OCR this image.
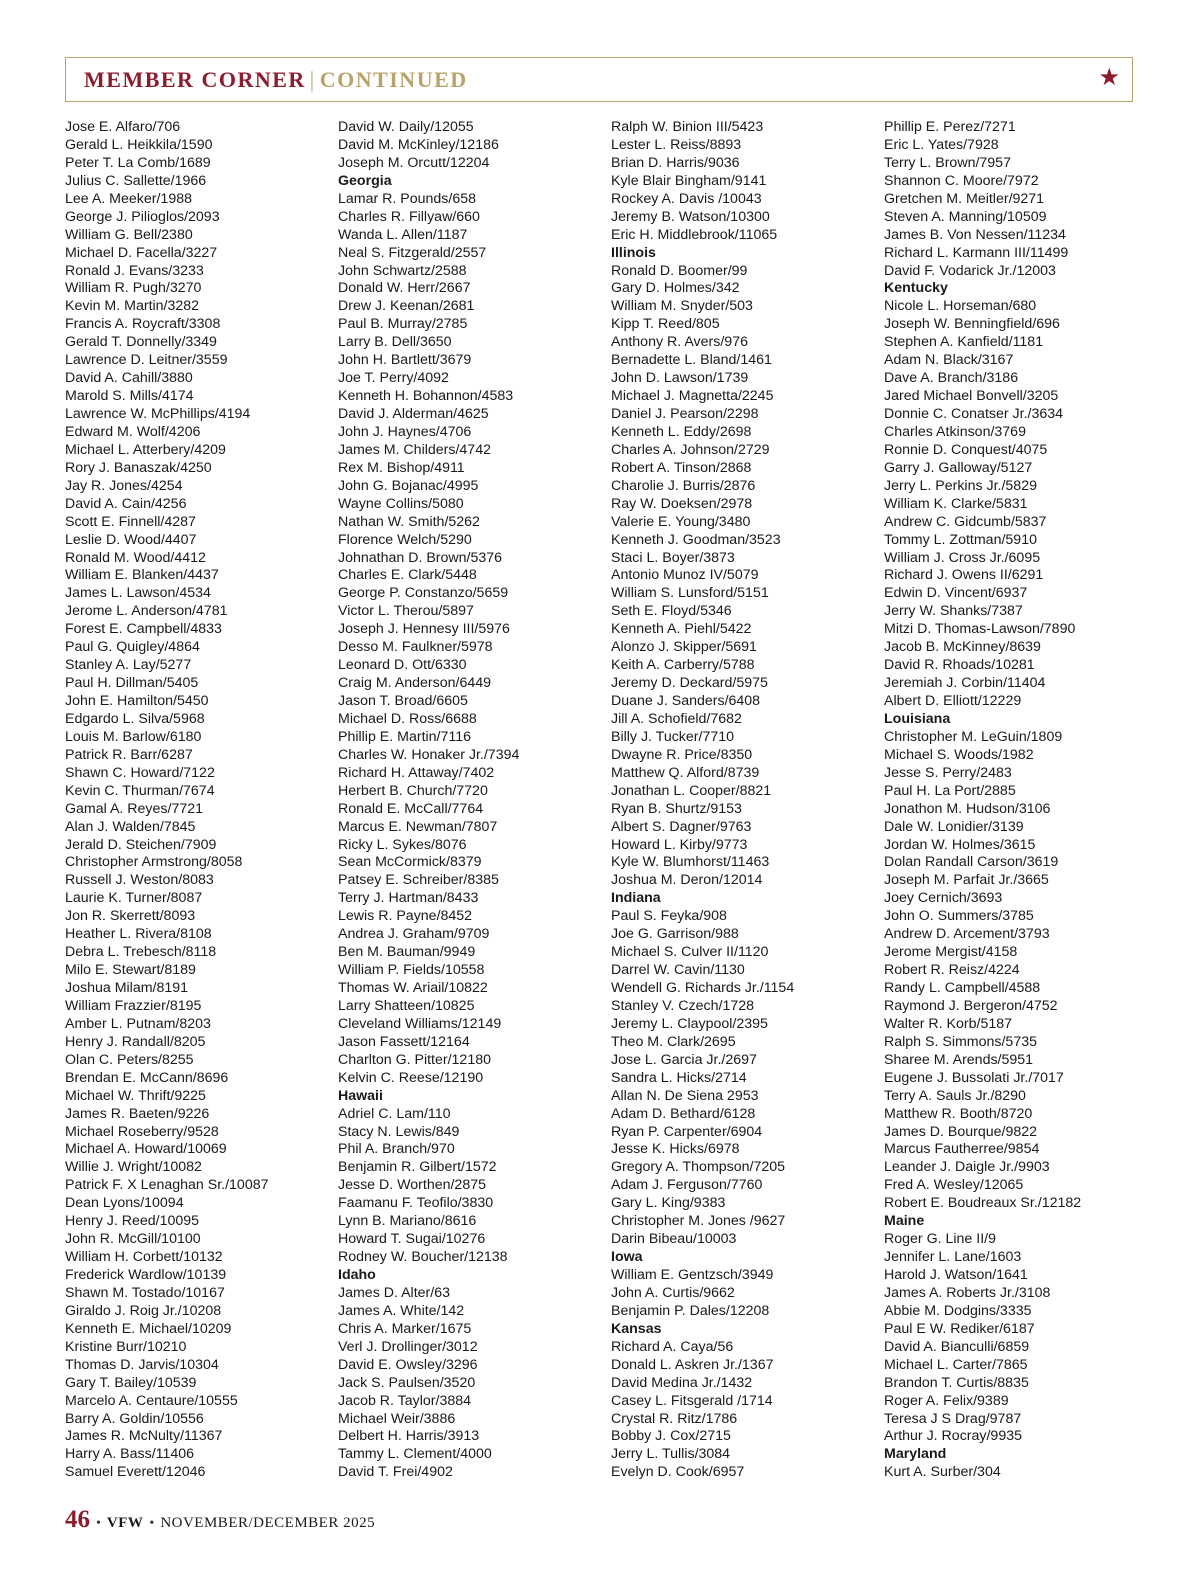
MEMBER CORNER | CONTINUED	★
Jose E. Alfaro/706
Gerald L. Heikkila/1590
Peter T. La Comb/1689
Julius C. Sallette/1966
Lee A. Meeker/1988
George J. Pilioglos/2093
William G. Bell/2380
Michael D. Facella/3227
Ronald J. Evans/3233
William R. Pugh/3270
Kevin M. Martin/3282
Francis A. Roycraft/3308
Gerald T. Donnelly/3349
Lawrence D. Leitner/3559
David A. Cahill/3880
Marold S. Mills/4174
Lawrence W. McPhillips/4194
Edward M. Wolf/4206
Michael L. Atterbery/4209
Rory J. Banaszak/4250
Jay R. Jones/4254
David A. Cain/4256
Scott E. Finnell/4287
Leslie D. Wood/4407
Ronald M. Wood/4412
William E. Blanken/4437
James L. Lawson/4534
Jerome L. Anderson/4781
Forest E. Campbell/4833
Paul G. Quigley/4864
Stanley A. Lay/5277
Paul H. Dillman/5405
John E. Hamilton/5450
Edgardo L. Silva/5968
Louis M. Barlow/6180
Patrick R. Barr/6287
Shawn C. Howard/7122
Kevin C. Thurman/7674
Gamal A. Reyes/7721
Alan J. Walden/7845
Jerald D. Steichen/7909
Christopher Armstrong/8058
Russell J. Weston/8083
Laurie K. Turner/8087
Jon R. Skerrett/8093
Heather L. Rivera/8108
Debra L. Trebesch/8118
Milo E. Stewart/8189
Joshua Milam/8191
William Frazzier/8195
Amber L. Putnam/8203
Henry J. Randall/8205
Olan C. Peters/8255
Brendan E. McCann/8696
Michael W. Thrift/9225
James R. Baeten/9226
Michael Roseberry/9528
Michael A. Howard/10069
Willie J. Wright/10082
Patrick F. X Lenaghan Sr./10087
Dean Lyons/10094
Henry J. Reed/10095
John R. McGill/10100
William H. Corbett/10132
Frederick Wardlow/10139
Shawn M. Tostado/10167
Giraldo J. Roig Jr./10208
Kenneth E. Michael/10209
Kristine Burr/10210
Thomas D. Jarvis/10304
Gary T. Bailey/10539
Marcelo A. Centaure/10555
Barry A. Goldin/10556
James R. McNulty/11367
Harry A. Bass/11406
Samuel Everett/12046
David W. Daily/12055
David M. McKinley/12186
Joseph M. Orcutt/12204
Georgia
Lamar R. Pounds/658
Charles R. Fillyaw/660
Wanda L. Allen/1187
Neal S. Fitzgerald/2557
John Schwartz/2588
Donald W. Herr/2667
Drew J. Keenan/2681
Paul B. Murray/2785
Larry B. Dell/3650
John H. Bartlett/3679
Joe T. Perry/4092
Kenneth H. Bohannon/4583
David J. Alderman/4625
John J. Haynes/4706
James M. Childers/4742
Rex M. Bishop/4911
John G. Bojanac/4995
Wayne Collins/5080
Nathan W. Smith/5262
Florence Welch/5290
Johnathan D. Brown/5376
Charles E. Clark/5448
George P. Constanzo/5659
Victor L. Therou/5897
Joseph J. Hennesy III/5976
Desso M. Faulkner/5978
Leonard D. Ott/6330
Craig M. Anderson/6449
Jason T. Broad/6605
Michael D. Ross/6688
Phillip E. Martin/7116
Charles W. Honaker Jr./7394
Richard H. Attaway/7402
Herbert B. Church/7720
Ronald E. McCall/7764
Marcus E. Newman/7807
Ricky L. Sykes/8076
Sean McCormick/8379
Patsey E. Schreiber/8385
Terry J. Hartman/8433
Lewis R. Payne/8452
Andrea J. Graham/9709
Ben M. Bauman/9949
William P. Fields/10558
Thomas W. Ariail/10822
Larry Shatteen/10825
Cleveland Williams/12149
Jason Fassett/12164
Charlton G. Pitter/12180
Kelvin C. Reese/12190
Hawaii
Adriel C. Lam/110
Stacy N. Lewis/849
Phil A. Branch/970
Benjamin R. Gilbert/1572
Jesse D. Worthen/2875
Faamanu F. Teofilo/3830
Lynn B. Mariano/8616
Howard T. Sugai/10276
Rodney W. Boucher/12138
Idaho
James D. Alter/63
James A. White/142
Chris A. Marker/1675
Verl J. Drollinger/3012
David E. Owsley/3296
Jack S. Paulsen/3520
Jacob R. Taylor/3884
Michael Weir/3886
Delbert H. Harris/3913
Tammy L. Clement/4000
David T. Frei/4902
Ralph W. Binion III/5423
Lester L. Reiss/8893
Brian D. Harris/9036
Kyle Blair Bingham/9141
Rockey A. Davis /10043
Jeremy B. Watson/10300
Eric H. Middlebrook/11065
Illinois
Ronald D. Boomer/99
Gary D. Holmes/342
William M. Snyder/503
Kipp T. Reed/805
Anthony R. Avers/976
Bernadette L. Bland/1461
John D. Lawson/1739
Michael J. Magnetta/2245
Daniel J. Pearson/2298
Kenneth L. Eddy/2698
Charles A. Johnson/2729
Robert A. Tinson/2868
Charolie J. Burris/2876
Ray W. Doeksen/2978
Valerie E. Young/3480
Kenneth J. Goodman/3523
Staci L. Boyer/3873
Antonio Munoz IV/5079
William S. Lunsford/5151
Seth E. Floyd/5346
Kenneth A. Piehl/5422
Alonzo J. Skipper/5691
Keith A. Carberry/5788
Jeremy D. Deckard/5975
Duane J. Sanders/6408
Jill A. Schofield/7682
Billy J. Tucker/7710
Dwayne R. Price/8350
Matthew Q. Alford/8739
Jonathan L. Cooper/8821
Ryan B. Shurtz/9153
Albert S. Dagner/9763
Howard L. Kirby/9773
Kyle W. Blumhorst/11463
Joshua M. Deron/12014
Indiana
Paul S. Feyka/908
Joe G. Garrison/988
Michael S. Culver II/1120
Darrel W. Cavin/1130
Wendell G. Richards Jr./1154
Stanley V. Czech/1728
Jeremy L. Claypool/2395
Theo M. Clark/2695
Jose L. Garcia Jr./2697
Sandra L. Hicks/2714
Allan N. De Siena 2953
Adam D. Bethard/6128
Ryan P. Carpenter/6904
Jesse K. Hicks/6978
Gregory A. Thompson/7205
Adam J. Ferguson/7760
Gary L. King/9383
Christopher M. Jones /9627
Darin Bibeau/10003
Iowa
William E. Gentzsch/3949
John A. Curtis/9662
Benjamin P. Dales/12208
Kansas
Richard A. Caya/56
Donald L. Askren Jr./1367
David Medina Jr./1432
Casey L. Fitsgerald /1714
Crystal R. Ritz/1786
Bobby J. Cox/2715
Jerry L. Tullis/3084
Evelyn D. Cook/6957
Phillip E. Perez/7271
Eric L. Yates/7928
Terry L. Brown/7957
Shannon C. Moore/7972
Gretchen M. Meitler/9271
Steven A. Manning/10509
James B. Von Nessen/11234
Richard L. Karmann III/11499
David F. Vodarick Jr./12003
Kentucky
Nicole L. Horseman/680
Joseph W. Benningfield/696
Stephen A. Kanfield/1181
Adam N. Black/3167
Dave A. Branch/3186
Jared Michael Bonvell/3205
Donnie C. Conatser Jr./3634
Charles Atkinson/3769
Ronnie D. Conquest/4075
Garry J. Galloway/5127
Jerry L. Perkins Jr./5829
William K. Clarke/5831
Andrew C. Gidcumb/5837
Tommy L. Zottman/5910
William J. Cross Jr./6095
Richard J. Owens II/6291
Edwin D. Vincent/6937
Jerry W. Shanks/7387
Mitzi D. Thomas-Lawson/7890
Jacob B. McKinney/8639
David R. Rhoads/10281
Jeremiah J. Corbin/11404
Albert D. Elliott/12229
Louisiana
Christopher M. LeGuin/1809
Michael S. Woods/1982
Jesse S. Perry/2483
Paul H. La Port/2885
Jonathon M. Hudson/3106
Dale W. Lonidier/3139
Jordan W. Holmes/3615
Dolan Randall Carson/3619
Joseph M. Parfait Jr./3665
Joey Cernich/3693
John O. Summers/3785
Andrew D. Arcement/3793
Jerome Mergist/4158
Robert R. Reisz/4224
Randy L. Campbell/4588
Raymond J. Bergeron/4752
Walter R. Korb/5187
Ralph S. Simmons/5735
Sharee M. Arends/5951
Eugene J. Bussolati Jr./7017
Terry A. Sauls Jr./8290
Matthew R. Booth/8720
James D. Bourque/9822
Marcus Fautherree/9854
Leander J. Daigle Jr./9903
Fred A. Wesley/12065
Robert E. Boudreaux Sr./12182
Maine
Roger G. Line II/9
Jennifer L. Lane/1603
Harold J. Watson/1641
James A. Roberts Jr./3108
Abbie M. Dodgins/3335
Paul E W. Rediker/6187
David A. Bianculli/6859
Michael L. Carter/7865
Brandon T. Curtis/8835
Roger A. Felix/9389
Teresa J S Drag/9787
Arthur J. Rocray/9935
Maryland
Kurt A. Surber/304
46 • VFW • NOVEMBER/DECEMBER 2025
